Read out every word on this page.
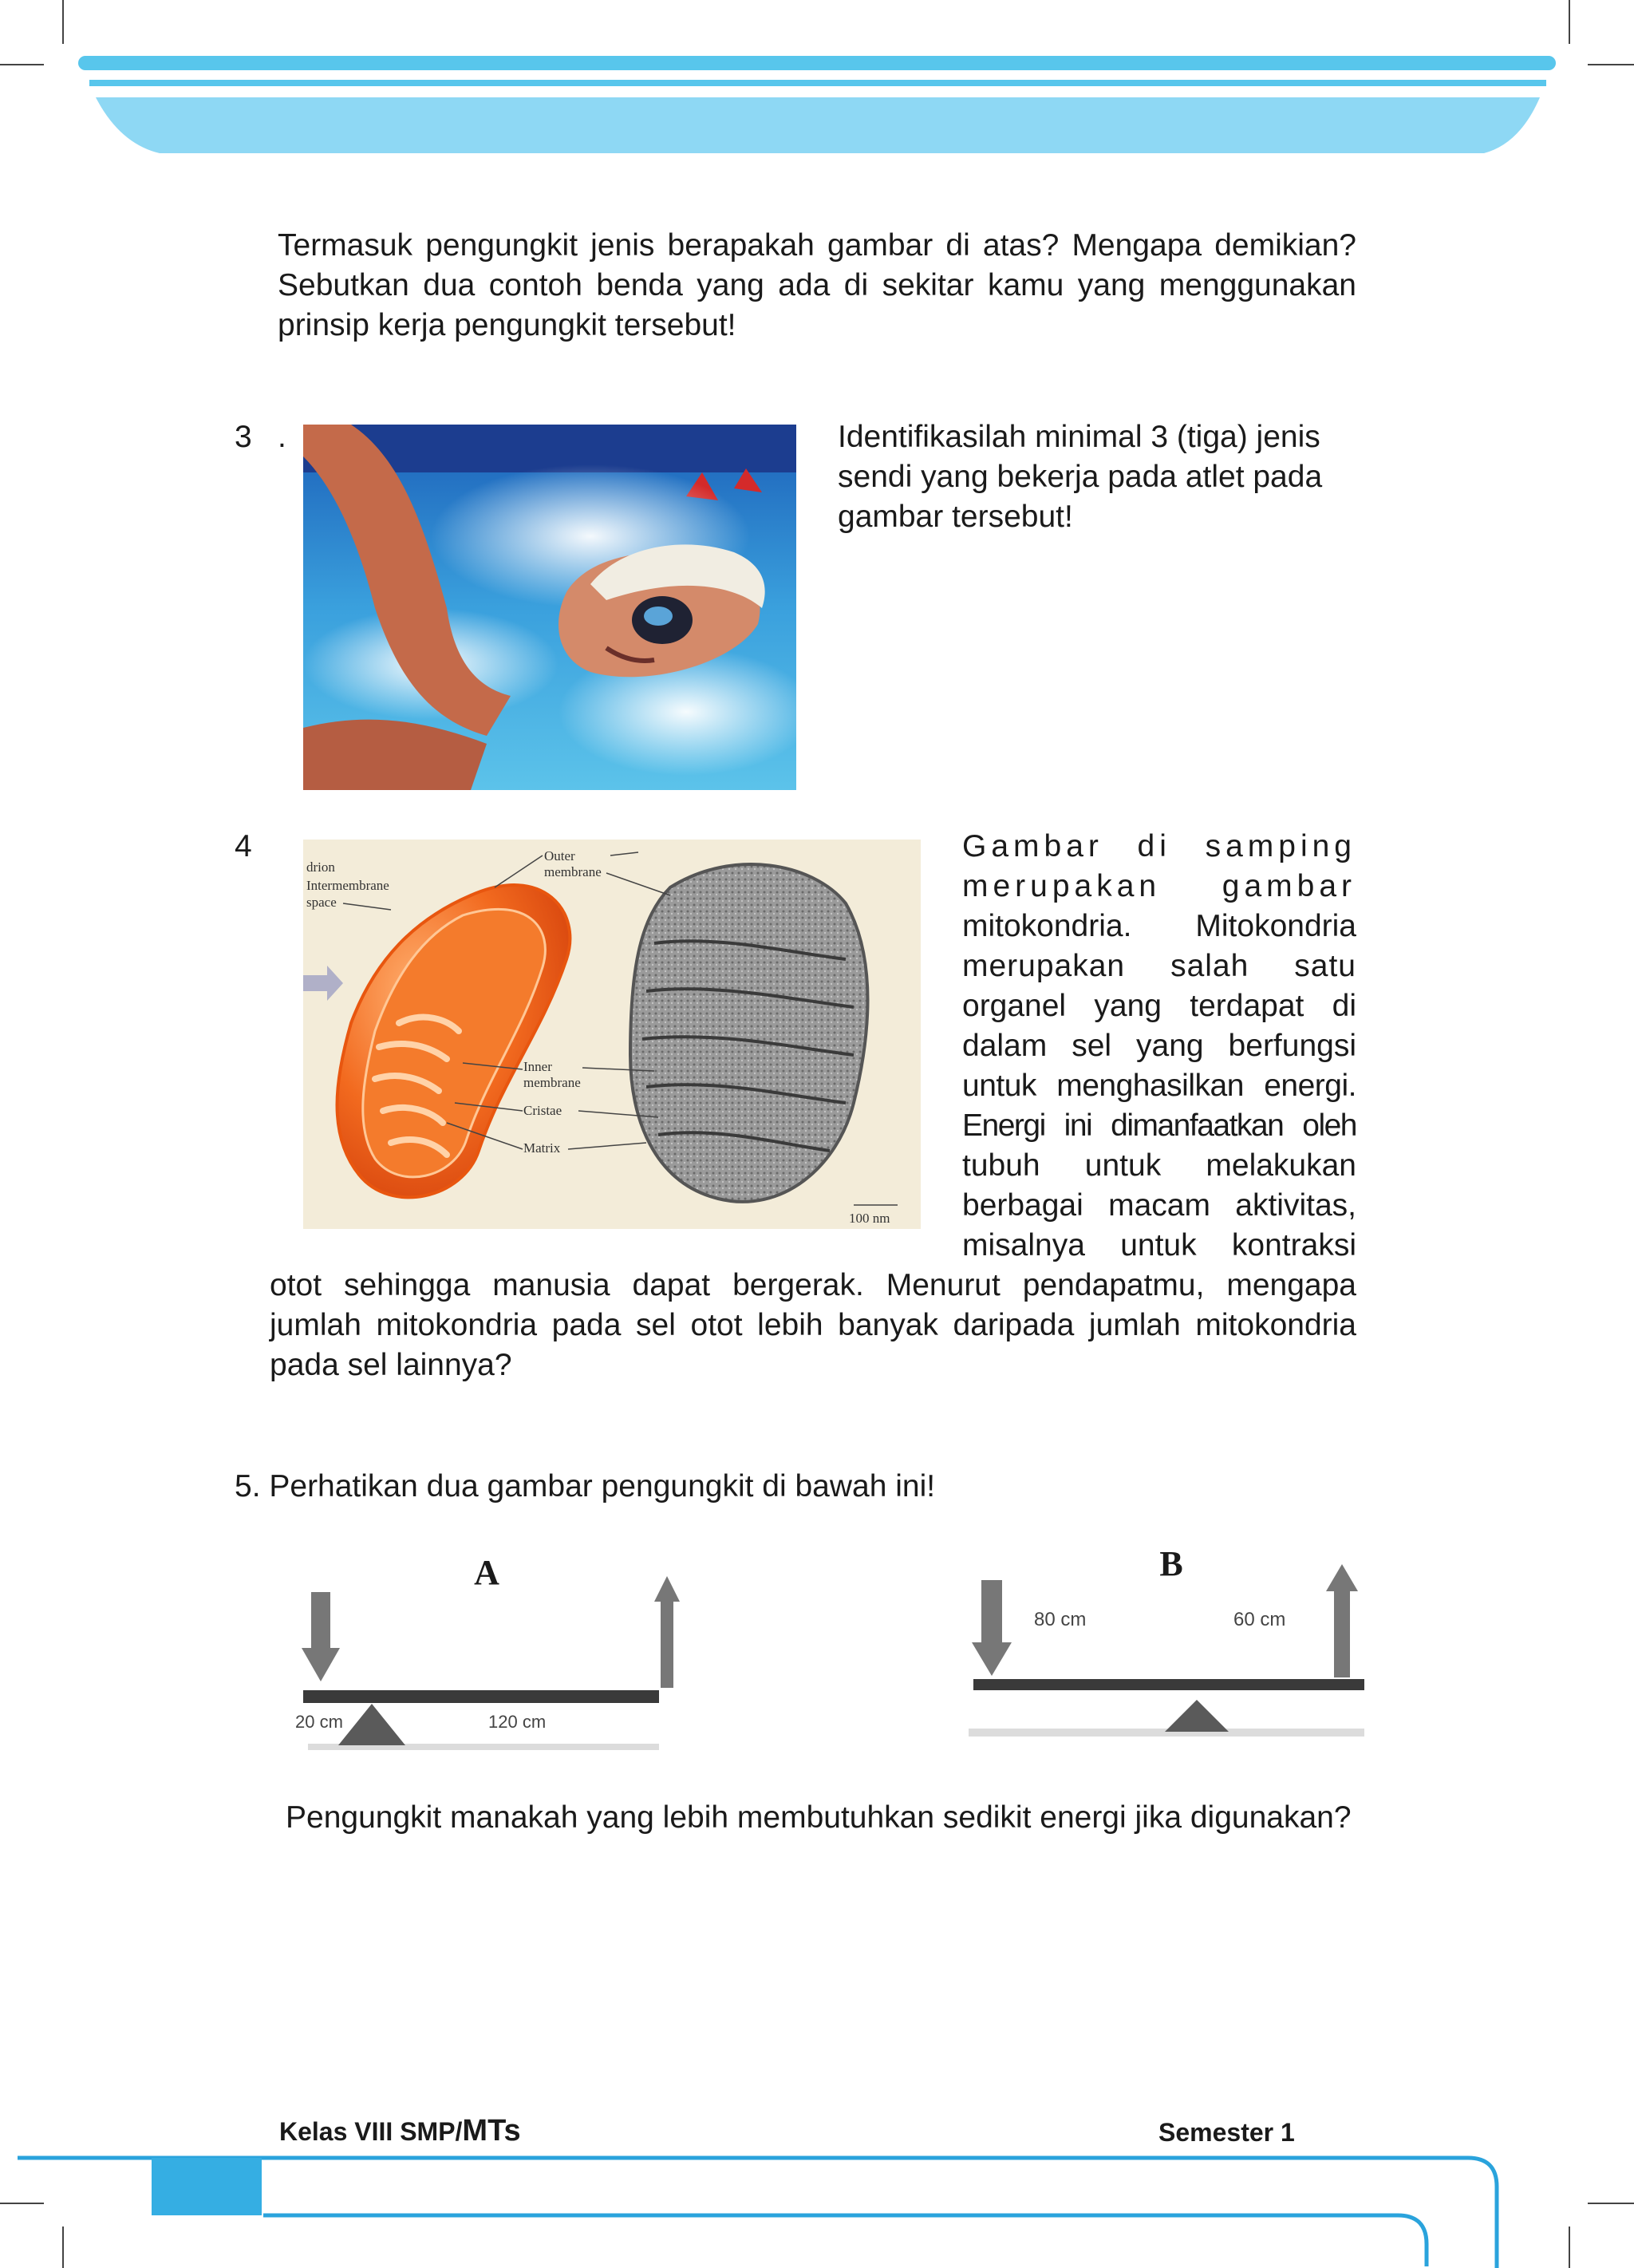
Termasuk pengungkit jenis berapakah gambar di atas? Mengapa demikian? Sebutkan dua contoh benda yang ada di sekitar kamu yang menggunakan prinsip kerja pengungkit tersebut!
3 .	Identifikasilah minimal 3 (tiga) jenis
sendi yang bekerja pada atlet pada
gambar tersebut!
4
drion
Intermembrane
space
Outer
membrane
Inner
membrane
Cristae
Matrix
100 nm
Gambar di samping
merupakan gambar
mitokondria. Mitokondria
merupakan salah satu
organel yang terdapat di
dalam sel yang berfungsi
untuk menghasilkan energi.
Energi ini dimanfaatkan oleh
tubuh untuk melakukan
berbagai macam aktivitas,
misalnya untuk kontraksi
otot sehingga manusia dapat bergerak. Menurut pendapatmu, mengapa jumlah mitokondria pada sel otot lebih banyak daripada jumlah mitokondria pada sel lainnya?
5. Perhatikan dua gambar pengungkit di bawah ini!
A
20 cm	120 cm
B
80 cm	60 cm
Pengungkit manakah yang lebih membutuhkan sedikit energi jika digunakan?
78	Kelas VIII SMP/MTs	Semester 1
